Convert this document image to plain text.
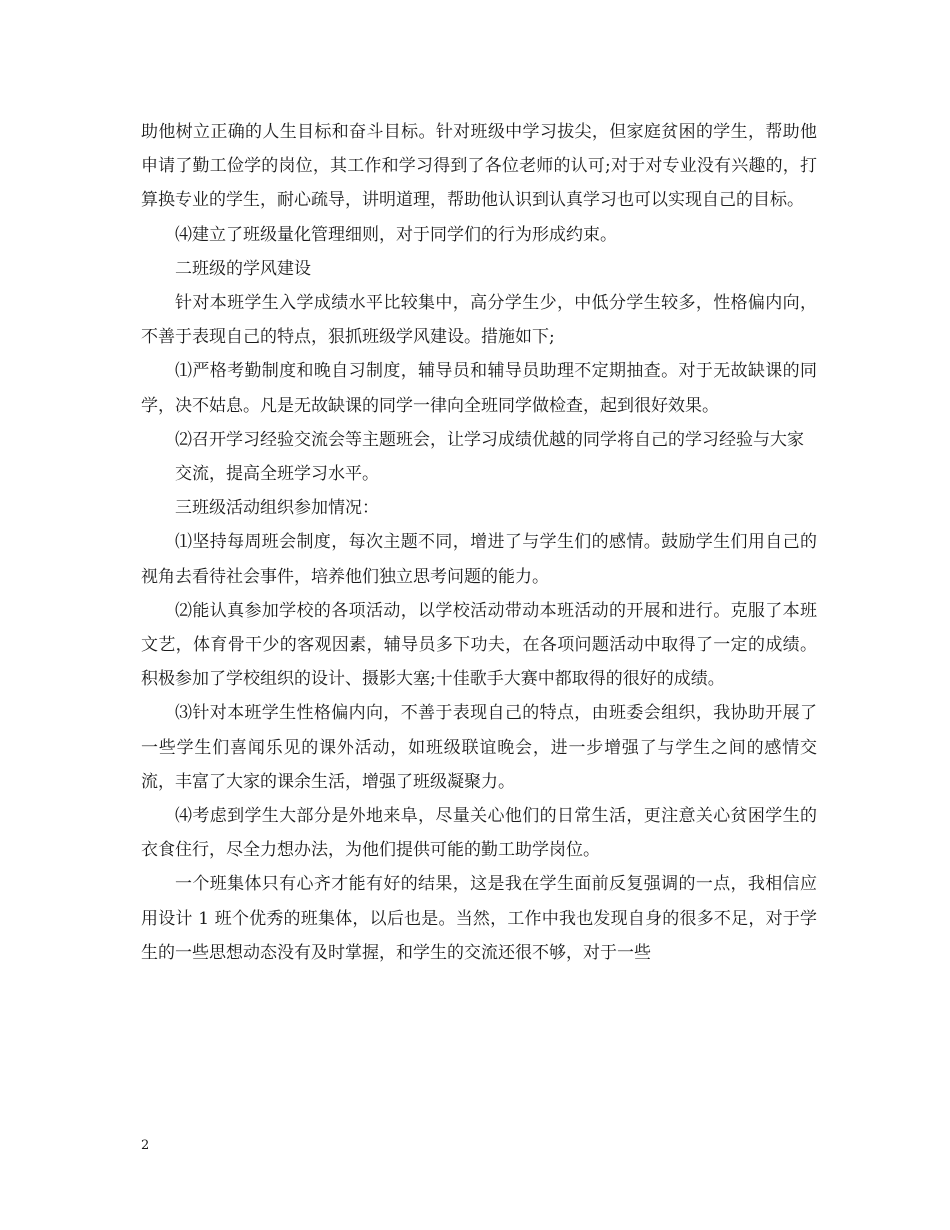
助他树立正确的人生目标和奋斗目标。针对班级中学习拔尖，但家庭贫困的学生，帮助他申请了勤工俭学的岗位，其工作和学习得到了各位老师的认可;对于对专业没有兴趣的，打算换专业的学生，耐心疏导，讲明道理，帮助他认识到认真学习也可以实现自己的目标。

⑷建立了班级量化管理细则，对于同学们的行为形成约束。

二班级的学风建设

针对本班学生入学成绩水平比较集中，高分学生少，中低分学生较多，性格偏内向，不善于表现自己的特点，狠抓班级学风建设。措施如下;

⑴严格考勤制度和晚自习制度，辅导员和辅导员助理不定期抽查。对于无故缺课的同学，决不姑息。凡是无故缺课的同学一律向全班同学做检查，起到很好效果。

⑵召开学习经验交流会等主题班会，让学习成绩优越的同学将自己的学习经验与大家

交流，提高全班学习水平。

三班级活动组织参加情况：

⑴坚持每周班会制度，每次主题不同，增进了与学生们的感情。鼓励学生们用自己的视角去看待社会事件，培养他们独立思考问题的能力。

⑵能认真参加学校的各项活动，以学校活动带动本班活动的开展和进行。克服了本班文艺，体育骨干少的客观因素，辅导员多下功夫，在各项问题活动中取得了一定的成绩。积极参加了学校组织的设计、摄影大塞;十佳歌手大赛中都取得的很好的成绩。

⑶针对本班学生性格偏内向，不善于表现自己的特点，由班委会组织，我协助开展了一些学生们喜闻乐见的课外活动，如班级联谊晚会，进一步增强了与学生之间的感情交流，丰富了大家的课余生活，增强了班级凝聚力。

⑷考虑到学生大部分是外地来阜，尽量关心他们的日常生活，更注意关心贫困学生的衣食住行，尽全力想办法，为他们提供可能的勤工助学岗位。

一个班集体只有心齐才能有好的结果，这是我在学生面前反复强调的一点，我相信应用设计 1 班个优秀的班集体，以后也是。当然，工作中我也发现自身的很多不足，对于学生的一些思想动态没有及时掌握，和学生的交流还很不够，对于一些

2
